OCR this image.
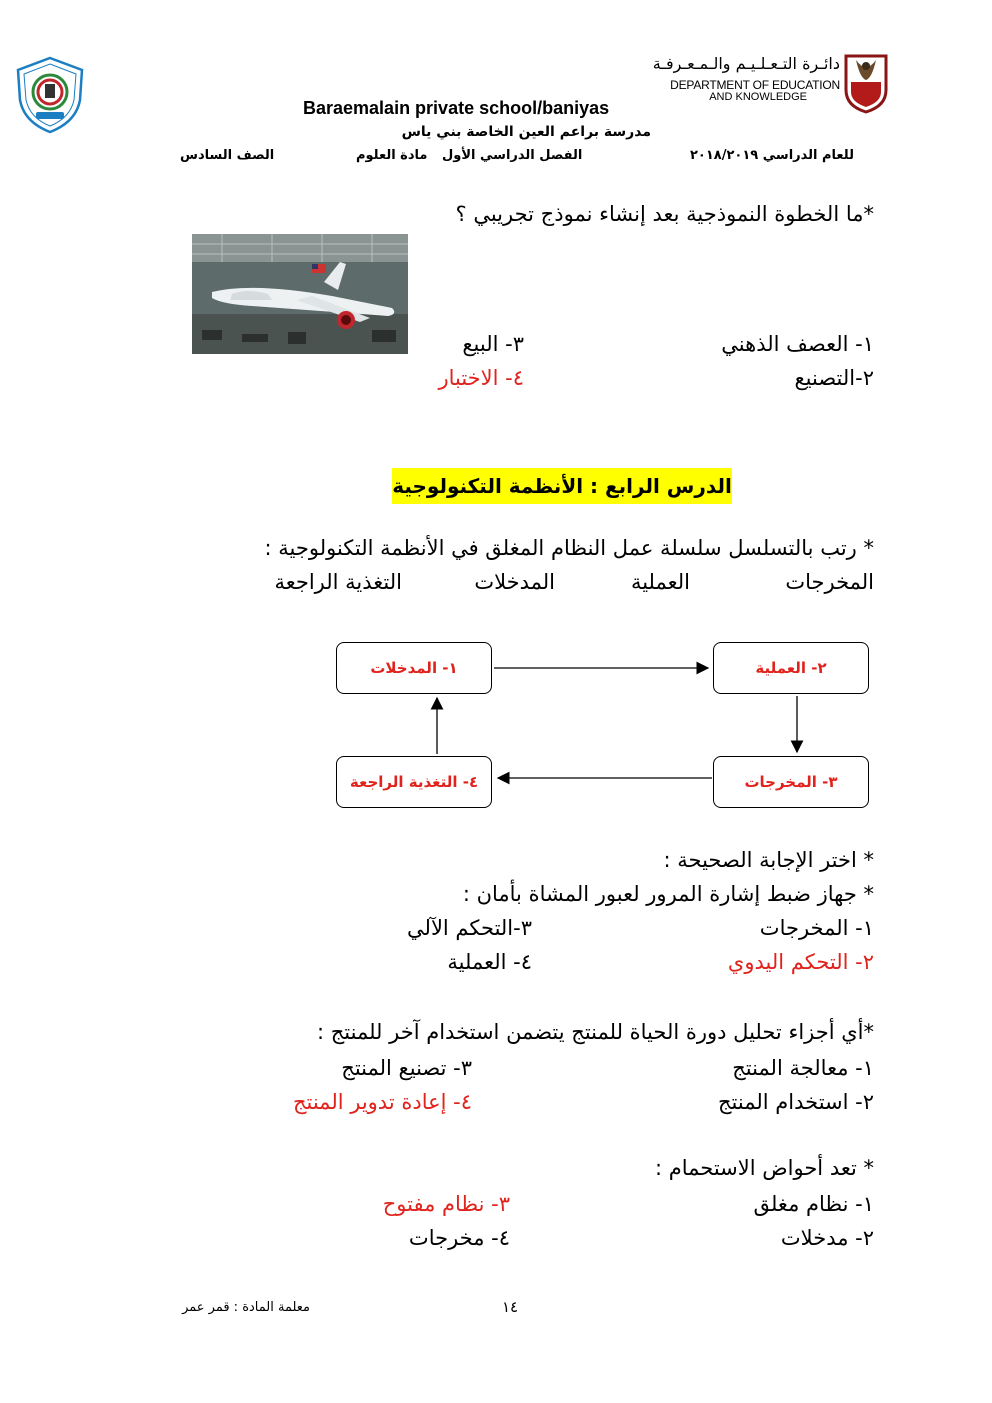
دائـرة التـعـلـيـم والـمـعـرفـة
DEPARTMENT OF EDUCATION
AND KNOWLEDGE
Baraemalain private school/baniyas
مدرسة براعم العين الخاصة بني ياس
للعام الدراسي ٢٠١٨/٢٠١٩
الفصل الدراسي الأول
مادة العلوم
الصف السادس
*ما الخطوة النموذجية بعد إنشاء نموذج تجريبي ؟
١- العصف الذهني
٢-التصنيع
٣- البيع
٤- الاختبار
الدرس الرابع : الأنظمة التكنولوجية
* رتب بالتسلسل سلسلة عمل النظام المغلق في الأنظمة التكنولوجية :
المخرجات
العملية
المدخلات
التغذية الراجعة
١- المدخلات	٢- العملية
٣- المخرجات
٤- التغذية الراجعة
* اختر الإجابة الصحيحة :
* جهاز ضبط إشارة المرور لعبور المشاة بأمان :
١- المخرجات
٢- التحكم اليدوي
٣-التحكم الآلي
٤- العملية
*أي أجزاء تحليل دورة الحياة للمنتج يتضمن استخدام آخر للمنتج :
١- معالجة المنتج
٢- استخدام المنتج
٣- تصنيع المنتج
٤- إعادة تدوير المنتج
* تعد أحواض الاستحمام :
١- نظام مغلق
٢- مدخلات
٣- نظام مفتوح
٤- مخرجات
معلمة المادة : قمر عمر	١٤
